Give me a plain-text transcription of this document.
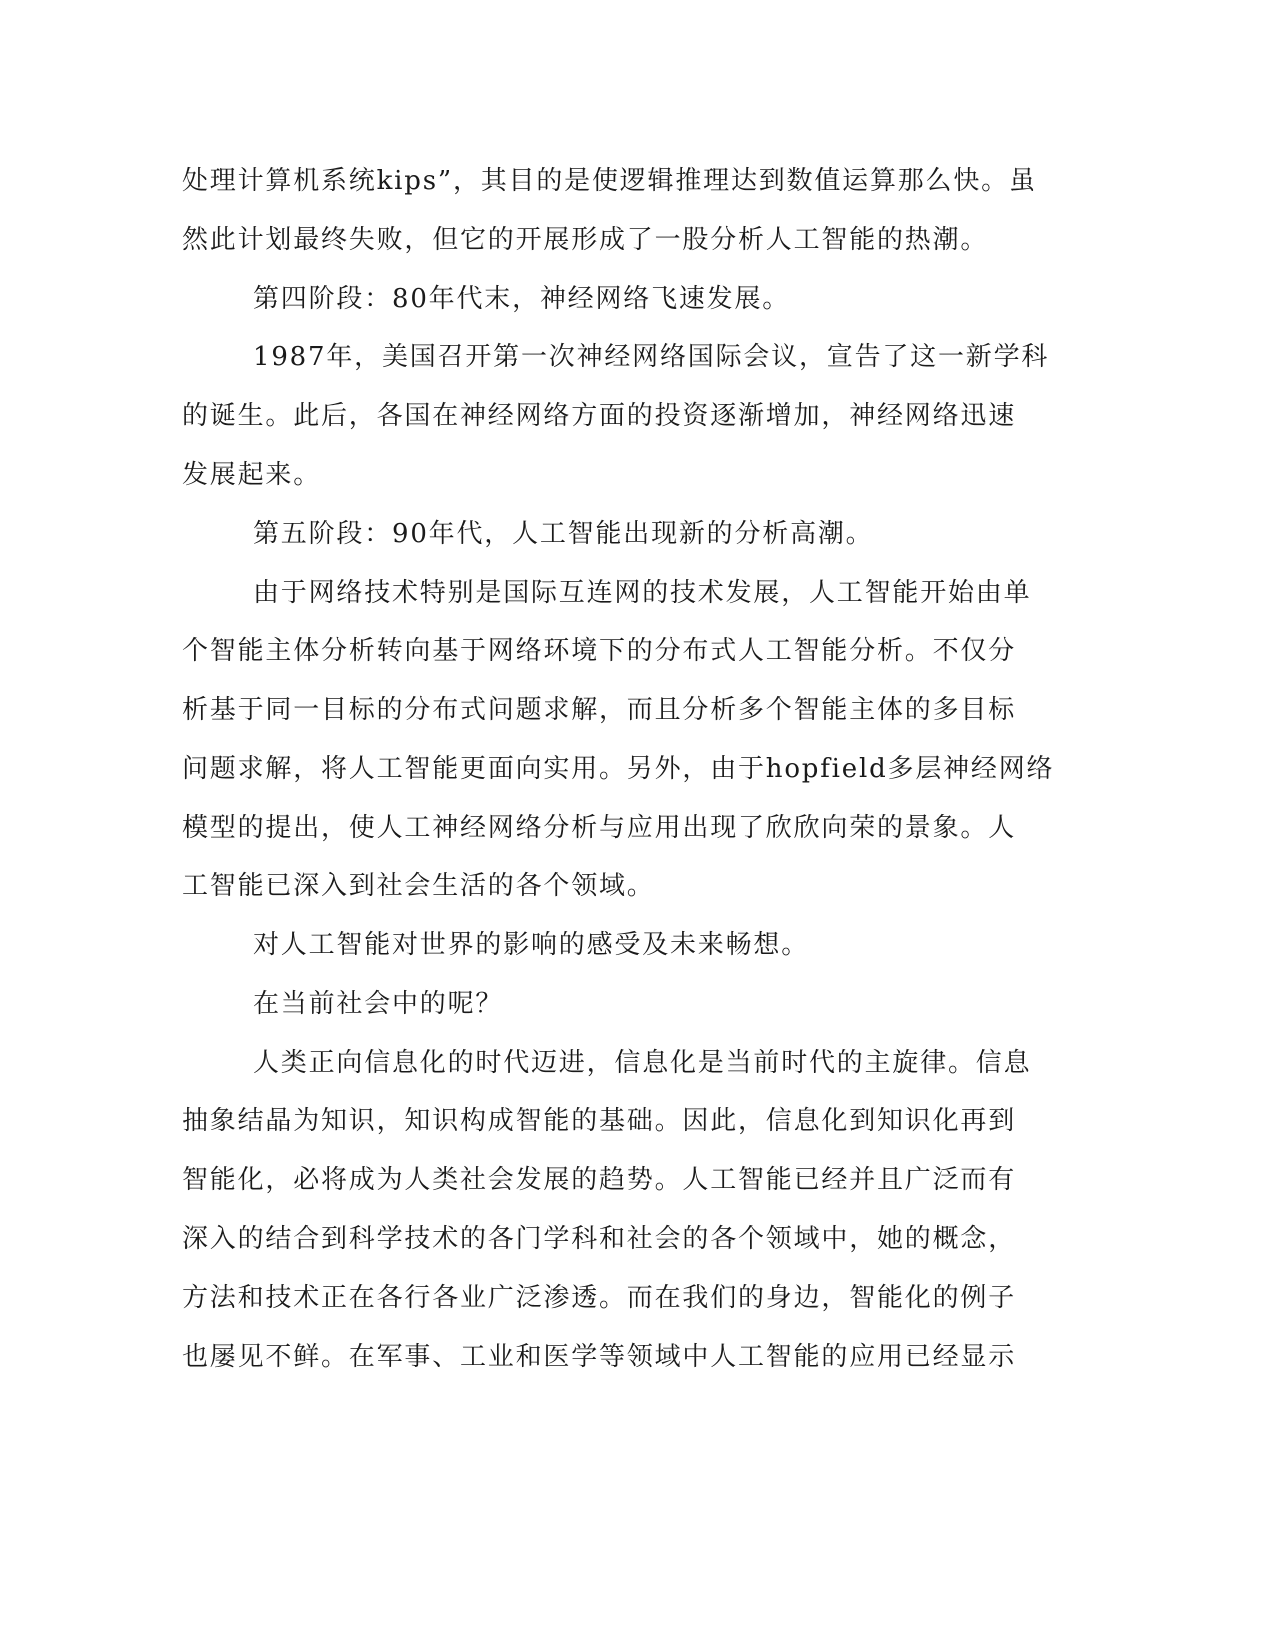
处理计算机系统kips”，其目的是使逻辑推理达到数值运算那么快。虽
然此计划最终失败，但它的开展形成了一股分析人工智能的热潮。
第四阶段：80年代末，神经网络飞速发展。
1987年，美国召开第一次神经网络国际会议，宣告了这一新学科
的诞生。此后，各国在神经网络方面的投资逐渐增加，神经网络迅速
发展起来。
第五阶段：90年代，人工智能出现新的分析高潮。
由于网络技术特别是国际互连网的技术发展，人工智能开始由单
个智能主体分析转向基于网络环境下的分布式人工智能分析。不仅分
析基于同一目标的分布式问题求解，而且分析多个智能主体的多目标
问题求解，将人工智能更面向实用。另外，由于hopfield多层神经网络
模型的提出，使人工神经网络分析与应用出现了欣欣向荣的景象。人
工智能已深入到社会生活的各个领域。
对人工智能对世界的影响的感受及未来畅想。
在当前社会中的呢？
人类正向信息化的时代迈进，信息化是当前时代的主旋律。信息
抽象结晶为知识，知识构成智能的基础。因此，信息化到知识化再到
智能化，必将成为人类社会发展的趋势。人工智能已经并且广泛而有
深入的结合到科学技术的各门学科和社会的各个领域中，她的概念，
方法和技术正在各行各业广泛渗透。而在我们的身边，智能化的例子
也屡见不鲜。在军事、工业和医学等领域中人工智能的应用已经显示
